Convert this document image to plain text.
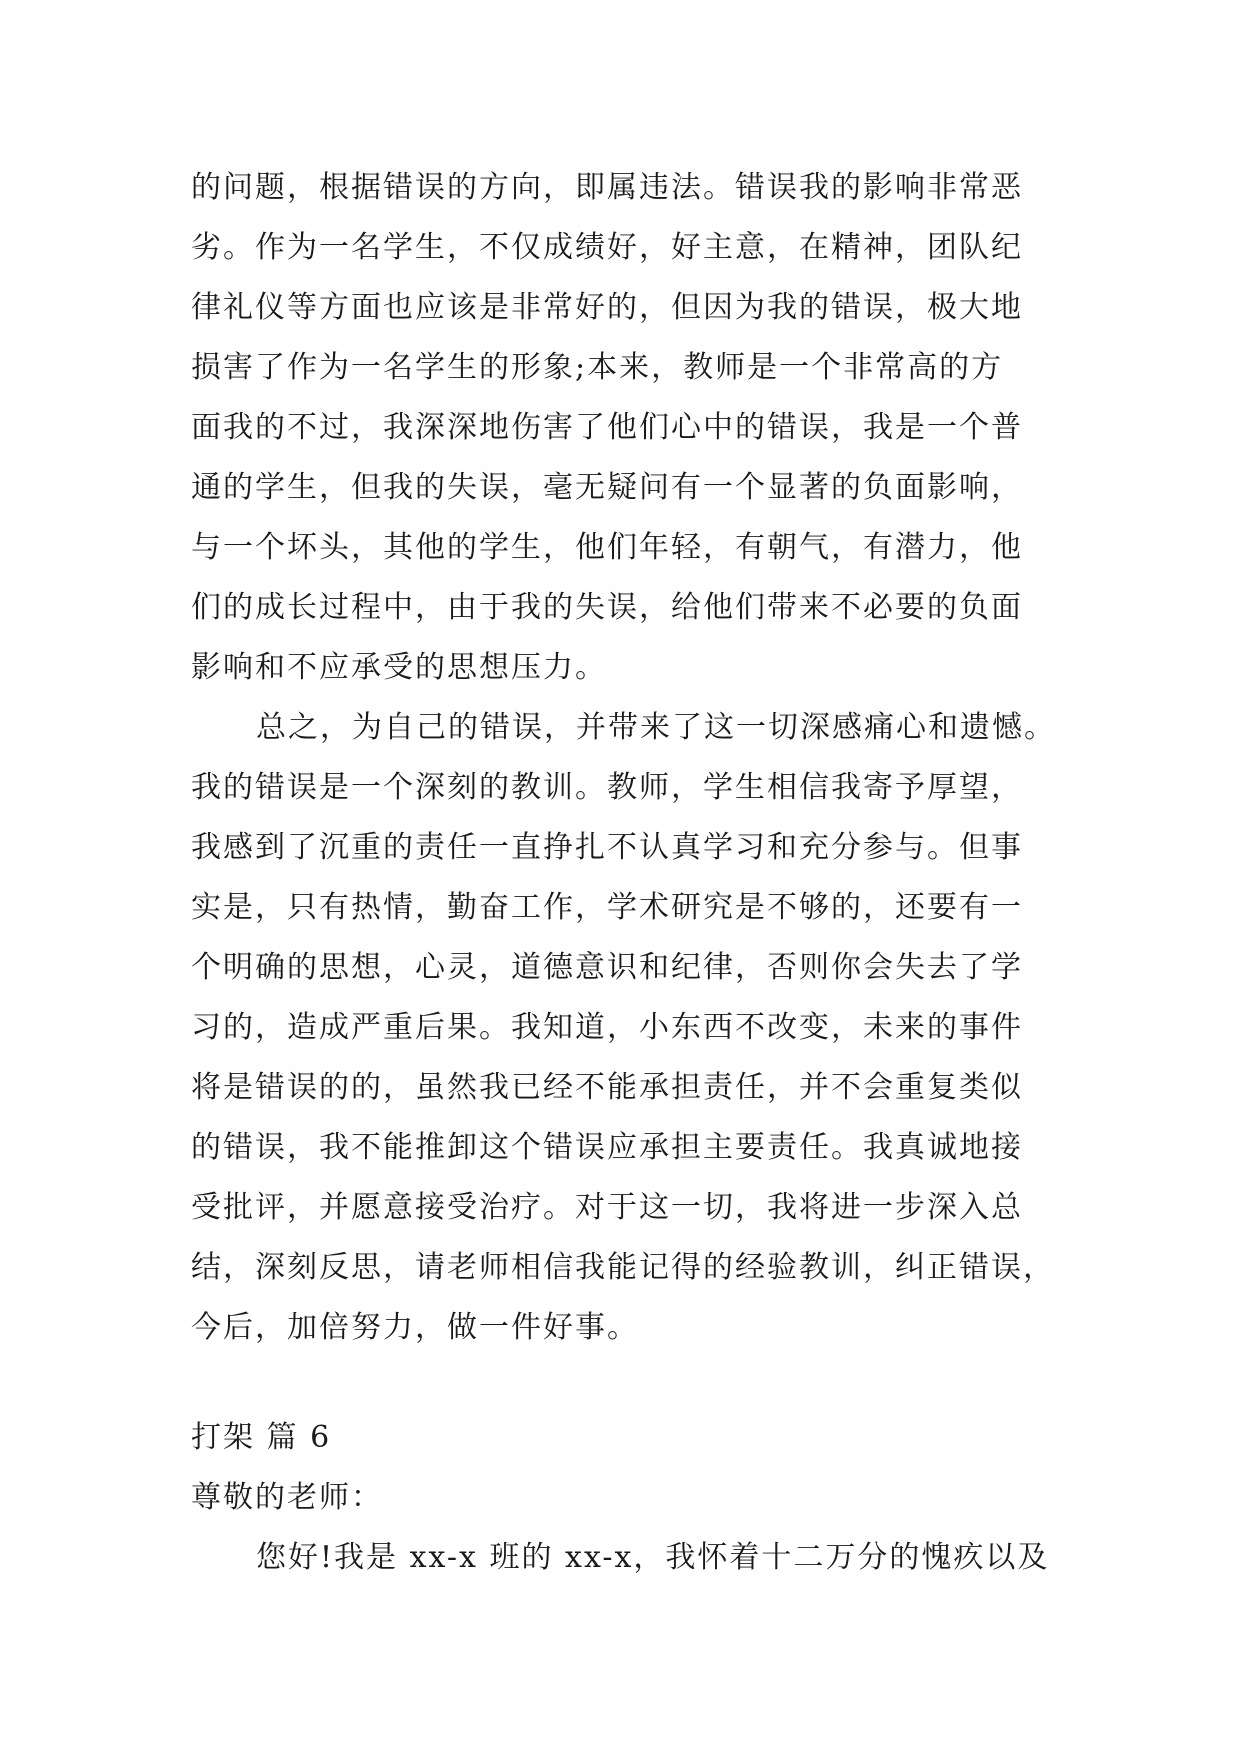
的问题，根据错误的方向，即属违法。错误我的影响非常恶
劣。作为一名学生，不仅成绩好，好主意，在精神，团队纪
律礼仪等方面也应该是非常好的，但因为我的错误，极大地
损害了作为一名学生的形象;本来，教师是一个非常高的方
面我的不过，我深深地伤害了他们心中的错误，我是一个普
通的学生，但我的失误，毫无疑问有一个显著的负面影响，
与一个坏头，其他的学生，他们年轻，有朝气，有潜力，他
们的成长过程中，由于我的失误，给他们带来不必要的负面
影响和不应承受的思想压力。
总之，为自己的错误，并带来了这一切深感痛心和遗憾。
我的错误是一个深刻的教训。教师，学生相信我寄予厚望，
我感到了沉重的责任一直挣扎不认真学习和充分参与。但事
实是，只有热情，勤奋工作，学术研究是不够的，还要有一
个明确的思想，心灵，道德意识和纪律，否则你会失去了学
习的，造成严重后果。我知道，小东西不改变，未来的事件
将是错误的的，虽然我已经不能承担责任，并不会重复类似
的错误，我不能推卸这个错误应承担主要责任。我真诚地接
受批评，并愿意接受治疗。对于这一切，我将进一步深入总
结，深刻反思，请老师相信我能记得的经验教训，纠正错误，
今后，加倍努力，做一件好事。
打架 篇 6
尊敬的老师：
您好!我是 xx-x 班的 xx-x，我怀着十二万分的愧疚以及
